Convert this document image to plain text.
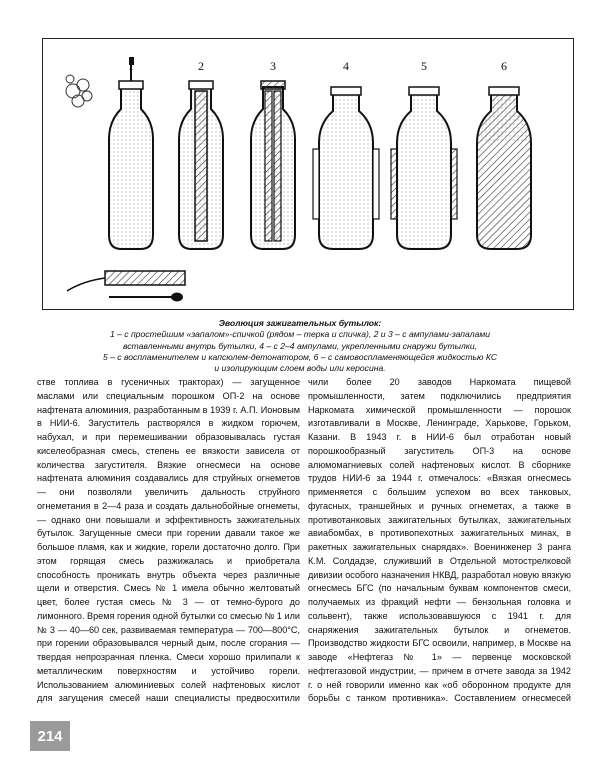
1	2	3	4	5	6
Эволюция зажигательных бутылок:
1 – с простейшим «запалом»-спичкой (рядом – терка и спичка), 2 и 3 – с ампулами-запалами
вставленными внутрь бутылки, 4 – с 2–4 ампулами, укрепленными снаружи бутылки,
5 – с воспламенителем и капсюлем-детонатором, 6 – с самовоспламеняющейся жидкостью КС
и изолирующим слоем воды или керосина.

стве топлива в гусеничных тракторах) — загущенное маслами или специальным порошком ОП-2 на основе нафтената алюминия, разработанным в 1939 г. А.П. Ионовым в НИИ-6. Загуститель растворялся в жидком горючем, набухал, и при перемешивании образовывалась густая киселеобразная смесь, степень ее вязкости зависела от количества загустителя. Вязкие огнесмеси на основе нафтената алюминия создавались для струйных огнеметов — они позволяли увеличить дальность струйного огнеметания в 2—4 раза и создать дальнобойные огнеметы, — однако они повышали и эффективность зажигательных бутылок. Загущенные смеси при горении давали такое же большое пламя, как и жидкие, горели достаточно долго. При этом горящая смесь разжижалась и приобретала способность проникать внутрь объекта через различные щели и отверстия. Смесь № 1 имела обычно желтоватый цвет, более густая смесь № 3 — от темно-бурого до лимонного. Время горения одной бутылки со смесью № 1 или № 3 — 40—60 сек, развиваемая температура — 700—800°С, при горении образовывался черный дым, после сгорания — твердая непрозрачная пленка. Смеси хорошо прилипали к металлическим поверхностям и устойчиво горели. Использованием алюминиевых солей нафтеновых кислот для загущения смесей наши специалисты предвосхитили

чили более 20 заводов Наркомата пищевой промышленности, затем подключились предприятия Наркомата химической промышленности — порошок изготавливали в Москве, Ленинграде, Харькове, Горьком, Казани. В 1943 г. в НИИ-6 был отработан новый порошкообразный загуститель ОП-3 на основе алюмомагниевых солей нафтеновых кислот. В сборнике трудов НИИ-6 за 1944 г. отмечалось: «Вязкая огнесмесь применяется с большим успехом во всех танковых, фугасных, траншейных и ручных огнеметах, а также в противотанковых зажигательных бутылках, зажигательных авиабомбах, в противопехотных зажигательных минах, в ракетных зажигательных снарядах». Военинженер 3 ранга К.М. Солдадзе, служивший в Отдельной мотострелковой дивизии особого назначения НКВД, разработал новую вязкую огнесмесь БГС (по начальным буквам компонентов смеси, получаемых из фракций нефти — бензольная головка и сольвент), также использовавшуюся с 1941 г. для снаряжения зажигательных бутылок и огнеметов. Производство жидкости БГС освоили, например, в Москве на заводе «Нефтегаз № 1» — первенце московской нефтегазовой индустрии, — причем в отчете завода за 1942 г. о ней говорили именно как «об оборонном продукте для борьбы с танком противника». Составлением огнесмесей

214
